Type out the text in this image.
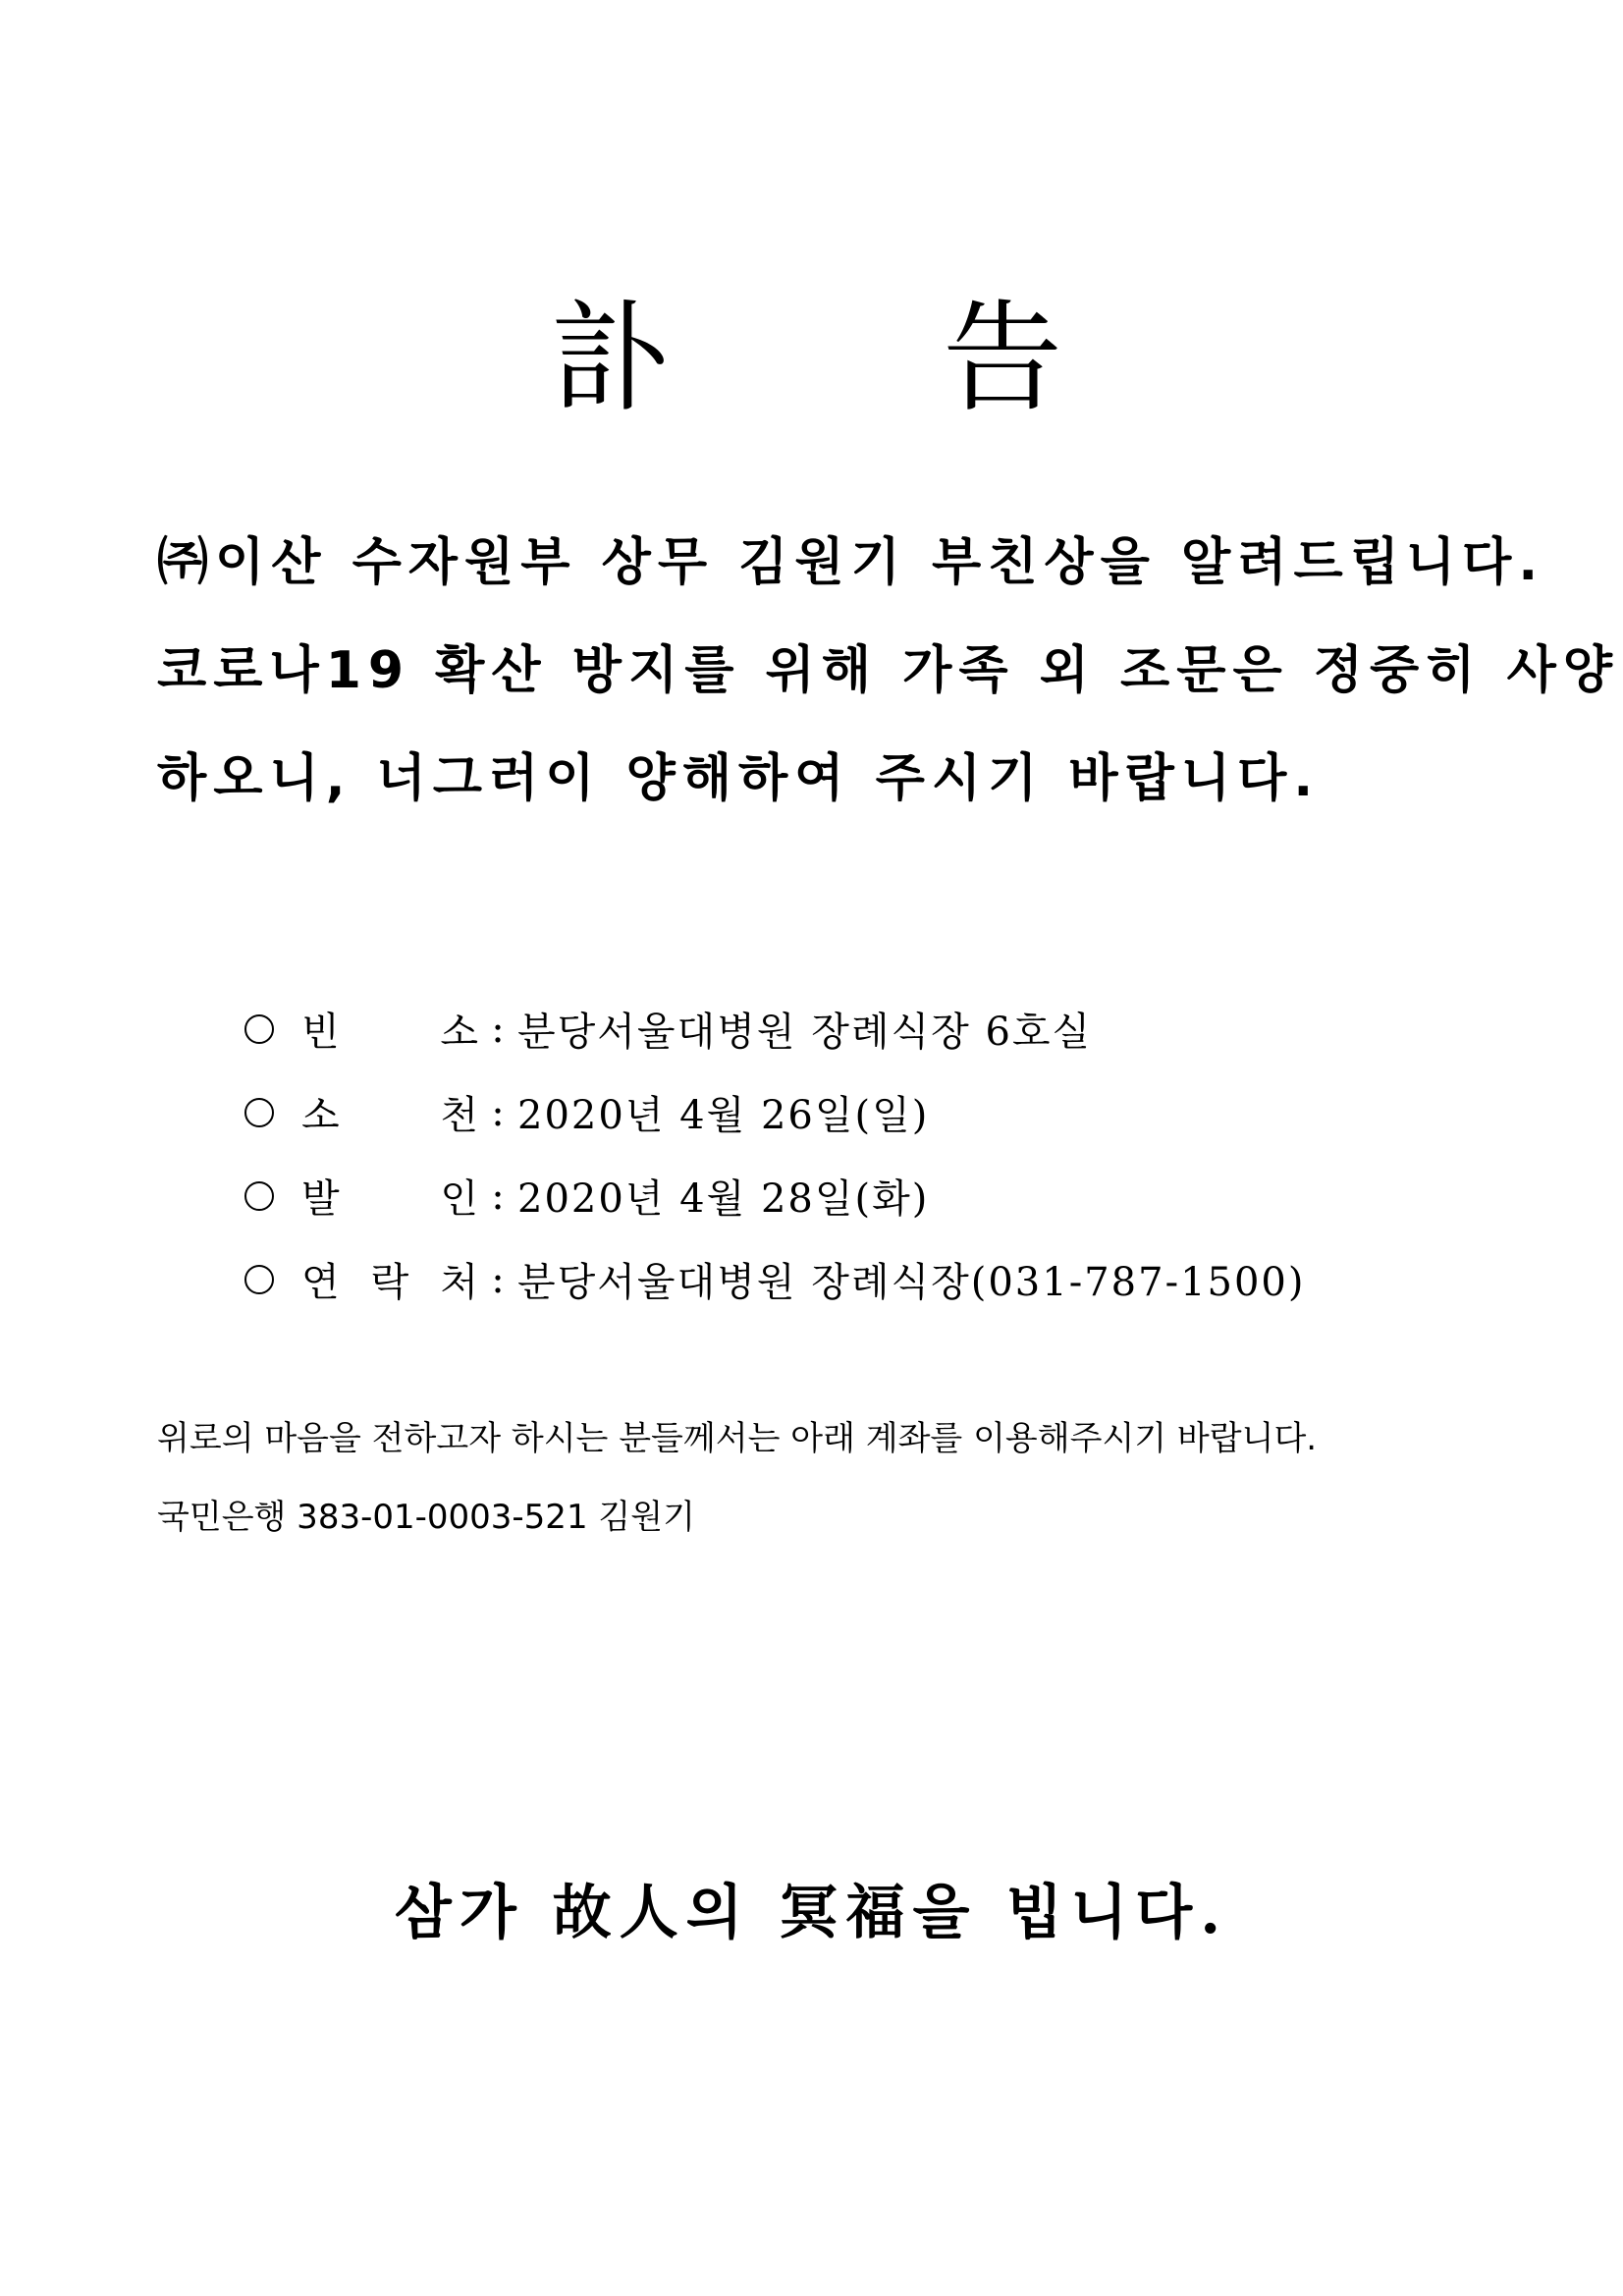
訃 告
㈜이산 수자원부 상무 김원기 부친상을 알려드립니다.
코로나19 확산 방지를 위해 가족 외 조문은 정중히 사양
하오니, 너그러이 양해하여 주시기 바랍니다.
빈	소 : 분당서울대병원 장례식장 6호실
소	천 : 2020년 4월 26일(일)
발	인 : 2020년 4월 28일(화)
연 락 처 : 분당서울대병원 장례식장(031-787-1500)
위로의 마음을 전하고자 하시는 분들께서는 아래 계좌를 이용해주시기 바랍니다.
국민은행 383-01-0003-521 김원기
삼가 故人의 冥福을 빕니다.
